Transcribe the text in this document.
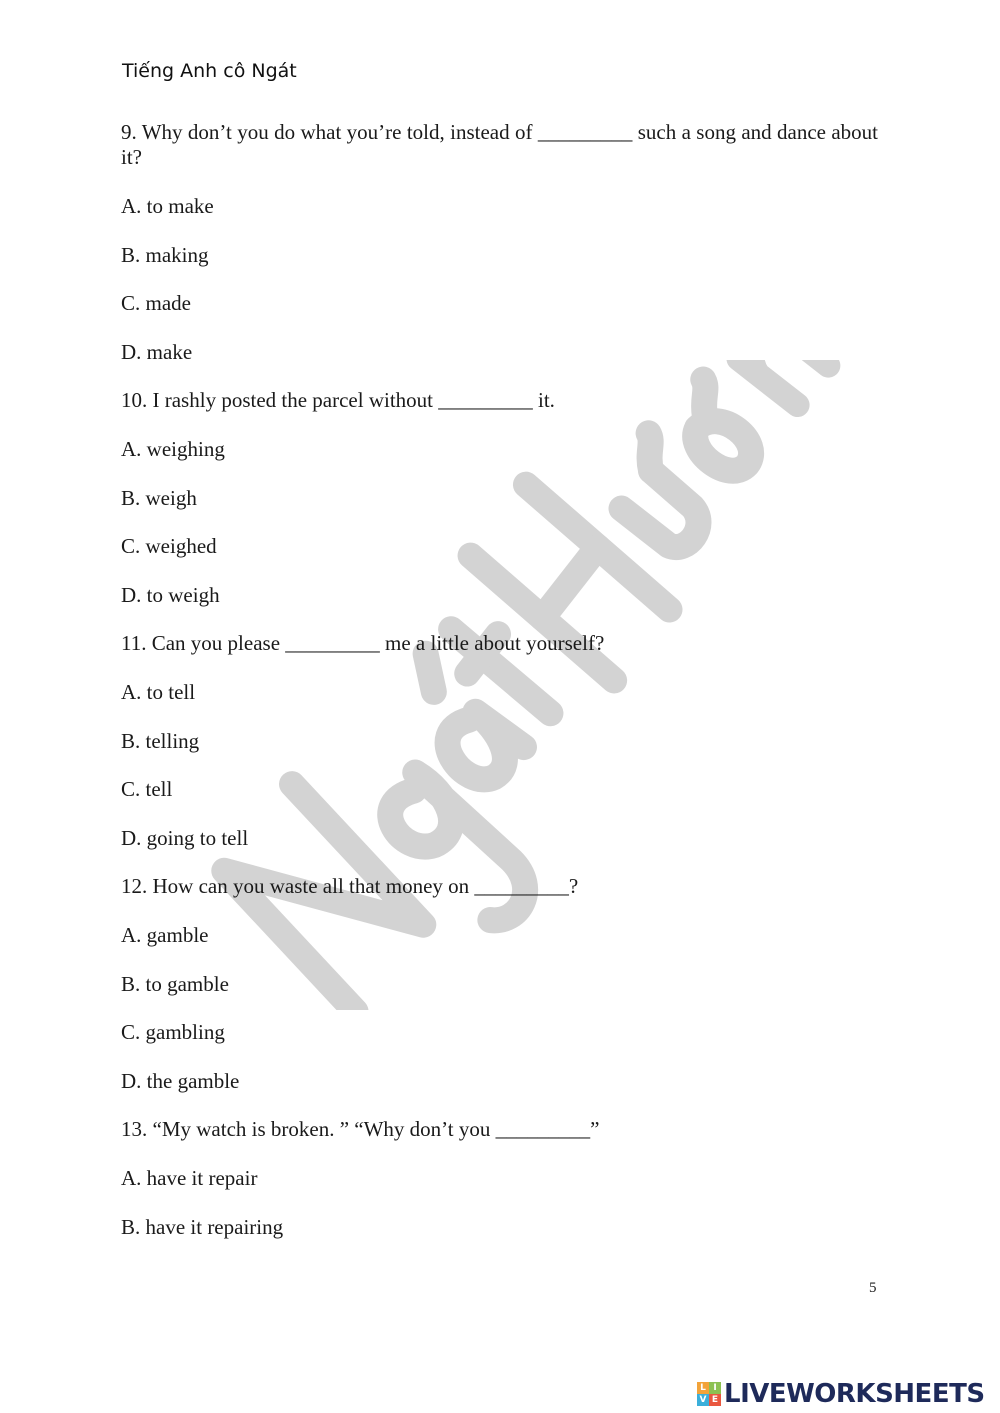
Tiếng Anh cô Ngát
9. Why don’t you do what you’re told, instead of _________ such a song and dance about it?
A. to make
B. making
C. made
D. make
10. I rashly posted the parcel without _________ it.
A. weighing
B. weigh
C. weighed
D. to weigh
11. Can you please _________ me a little about yourself?
A. to tell
B. telling
C. tell
D. going to tell
12. How can you waste all that money on _________?
A. gamble
B. to gamble
C. gambling
D. the gamble
13. “My watch is broken. ” “Why don’t you _________”
A. have it repair
B. have it repairing
5
L I
V E LIVEWORKSHEETS
